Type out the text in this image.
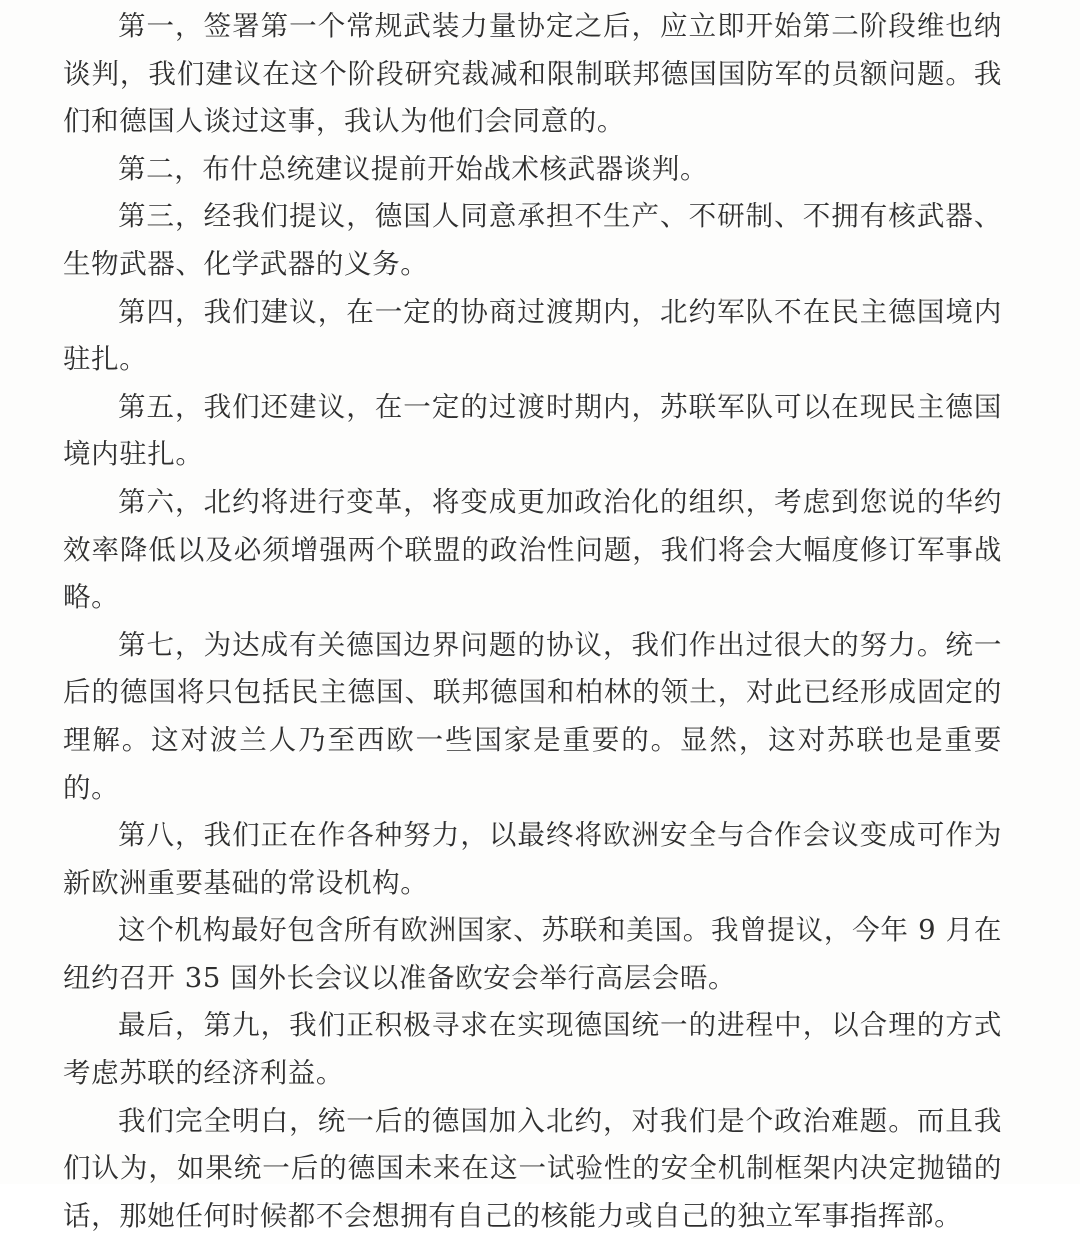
第一，签署第一个常规武装力量协定之后，应立即开始第二阶段维也纳谈判，我们建议在这个阶段研究裁减和限制联邦德国国防军的员额问题。我们和德国人谈过这事，我认为他们会同意的。

第二，布什总统建议提前开始战术核武器谈判。

第三，经我们提议，德国人同意承担不生产、不研制、不拥有核武器、生物武器、化学武器的义务。

第四，我们建议，在一定的协商过渡期内，北约军队不在民主德国境内驻扎。

第五，我们还建议，在一定的过渡时期内，苏联军队可以在现民主德国境内驻扎。

第六，北约将进行变革，将变成更加政治化的组织，考虑到您说的华约效率降低以及必须增强两个联盟的政治性问题，我们将会大幅度修订军事战略。

第七，为达成有关德国边界问题的协议，我们作出过很大的努力。统一后的德国将只包括民主德国、联邦德国和柏林的领土，对此已经形成固定的理解。这对波兰人乃至西欧一些国家是重要的。显然，这对苏联也是重要的。

第八，我们正在作各种努力，以最终将欧洲安全与合作会议变成可作为新欧洲重要基础的常设机构。

这个机构最好包含所有欧洲国家、苏联和美国。我曾提议，今年 9 月在纽约召开 35 国外长会议以准备欧安会举行高层会晤。

最后，第九，我们正积极寻求在实现德国统一的进程中，以合理的方式考虑苏联的经济利益。

我们完全明白，统一后的德国加入北约，对我们是个政治难题。而且我们认为，如果统一后的德国未来在这一试验性的安全机制框架内决定抛锚的话，那她任何时候都不会想拥有自己的核能力或自己的独立军事指挥部。
